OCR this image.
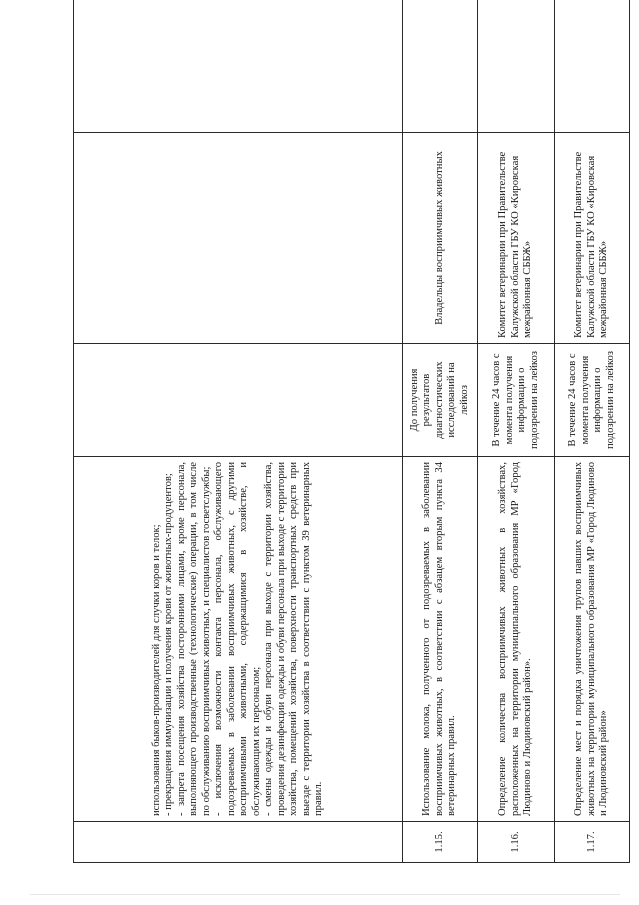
	использования быков-производителей для случки коров и телок; - прекращения иммунизации и получения крови от животных-продуцентов; - запрета посещения хозяйства посторонними лицами, кроме персонала, выполняющего производственные (технологические) операции, в том числе по обслуживанию восприимчивых животных, и специалистов госветслужбы; - исключения возможности контакта персонала, обслуживающего подозреваемых в заболевании восприимчивых животных, с другими восприимчивыми животными, содержащимися в хозяйстве, и обслуживающим их персоналом; - смены одежды и обуви персонала при выходе с территории хозяйства, проведения дезинфекции одежды и обуви персонала при выходе с территории хозяйства, помещений хозяйства, поверхности транспортных средств при выезде с территории хозяйства в соответствии с пунктом 39 ветеринарных правил.			

1.15.	Использование молока, полученного от подозреваемых в заболевании восприимчивых животных, в соответствии с абзацем вторым пункта 34 ветеринарных правил.	До получения результатов диагностических исследований на лейкоз	Владельцы восприимчивых животных	
1.16.	Определение количества восприимчивых животных в хозяйствах, расположенных на территории муниципального образования МР «Город Людиново и Людиновский район».	В течение 24 часов с момента получения информации о подозрении на лейкоз	Комитет ветеринарии при Правительстве Калужской области ГБУ КО «Кировская межрайонная СББЖ»	
1.17.	Определение мест и порядка уничтожения трупов павших восприимчивых животных на территории муниципального образования МР «Город Людиново и Людиновский район»	В течение 24 часов с момента получения информации о подозрении на лейкоз	Комитет ветеринарии при Правительстве Калужской области ГБУ КО «Кировская межрайонная СББЖ»	
